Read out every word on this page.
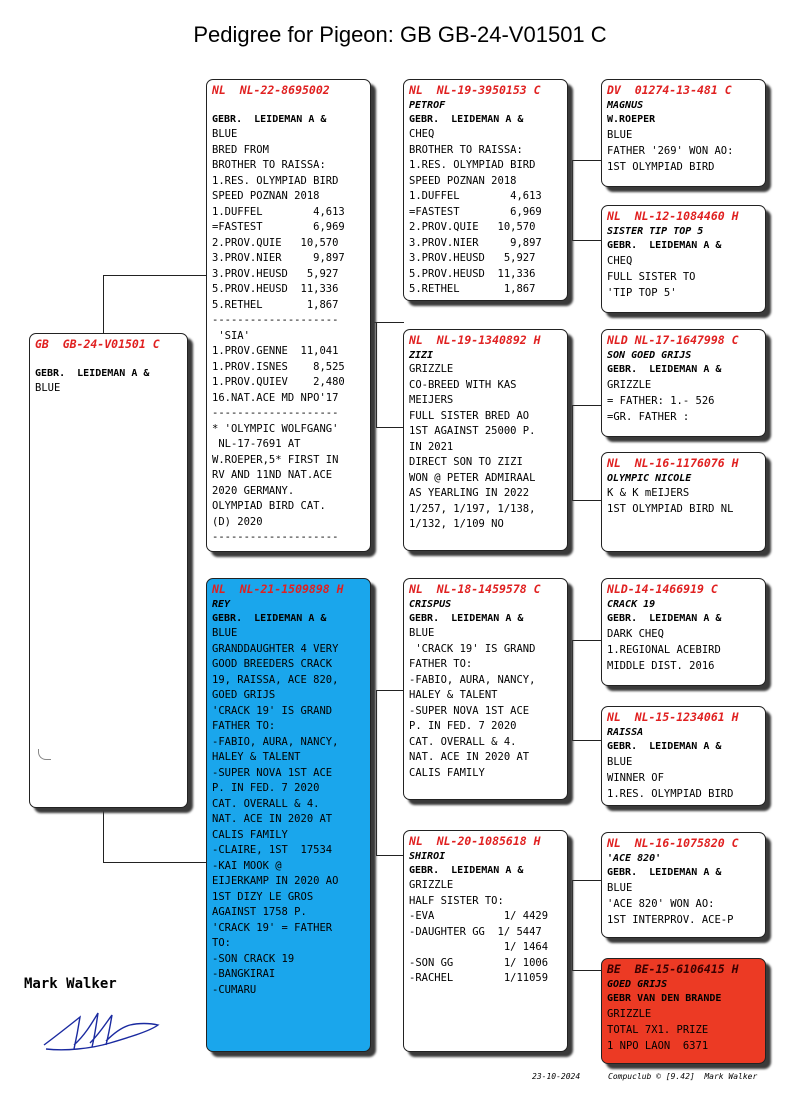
Pedigree for Pigeon: GB GB-24-V01501 C
GB  GB-24-V01501 C
GEBR.  LEIDEMAN A &
BLUE
NL  NL-22-8695002
GEBR.  LEIDEMAN A &
BLUE
BRED FROM
BROTHER TO RAISSA:
1.RES. OLYMPIAD BIRD
SPEED POZNAN 2018
1.DUFFEL        4,613
=FASTEST        6,969
2.PROV.QUIE   10,570
3.PROV.NIER     9,897
3.PROV.HEUSD   5,927
5.PROV.HEUSD  11,336
5.RETHEL       1,867
--------------------
'SIA'
1.PROV.GENNE  11,041
1.PROV.ISNES    8,525
1.PROV.QUIEV    2,480
16.NAT.ACE MD NPO'17
--------------------
* 'OLYMPIC WOLFGANG'
NL-17-7691 AT
W.ROEPER,5* FIRST IN
RV AND 11ND NAT.ACE
2020 GERMANY.
OLYMPIAD BIRD CAT.
(D) 2020
--------------------
NL  NL-21-1509898 H
REY
GEBR.  LEIDEMAN A &
BLUE
GRANDDAUGHTER 4 VERY
GOOD BREEDERS CRACK
19, RAISSA, ACE 820,
GOED GRIJS
'CRACK 19' IS GRAND
FATHER TO:
-FABIO, AURA, NANCY,
HALEY & TALENT
-SUPER NOVA 1ST ACE
P. IN FED. 7 2020
CAT. OVERALL & 4.
NAT. ACE IN 2020 AT
CALIS FAMILY
-CLAIRE, 1ST  17534
-KAI MOOK @
EIJERKAMP IN 2020 AO
1ST DIZY LE GROS
AGAINST 1758 P.
'CRACK 19' = FATHER
TO:
-SON CRACK 19
-BANGKIRAI
-CUMARU
NL  NL-19-3950153 C
PETROF
GEBR.  LEIDEMAN A &
CHEQ
BROTHER TO RAISSA:
1.RES. OLYMPIAD BIRD
SPEED POZNAN 2018
1.DUFFEL        4,613
=FASTEST        6,969
2.PROV.QUIE   10,570
3.PROV.NIER     9,897
3.PROV.HEUSD   5,927
5.PROV.HEUSD  11,336
5.RETHEL       1,867
NL  NL-19-1340892 H
ZIZI
GRIZZLE
CO-BREED WITH KAS
MEIJERS
FULL SISTER BRED AO
1ST AGAINST 25000 P.
IN 2021
DIRECT SON TO ZIZI
WON @ PETER ADMIRAAL
AS YEARLING IN 2022
1/257, 1/197, 1/138,
1/132, 1/109 NO
NL  NL-18-1459578 C
CRISPUS
GEBR.  LEIDEMAN A &
BLUE
'CRACK 19' IS GRAND
FATHER TO:
-FABIO, AURA, NANCY,
HALEY & TALENT
-SUPER NOVA 1ST ACE
P. IN FED. 7 2020
CAT. OVERALL & 4.
NAT. ACE IN 2020 AT
CALIS FAMILY
NL  NL-20-1085618 H
SHIROI
GEBR.  LEIDEMAN A &
GRIZZLE
HALF SISTER TO:
-EVA           1/ 4429
-DAUGHTER GG  1/ 5447
1/ 1464
-SON GG        1/ 1006
-RACHEL        1/11059
DV  01274-13-481 C
MAGNUS
W.ROEPER
BLUE
FATHER '269' WON AO:
1ST OLYMPIAD BIRD
NL  NL-12-1084460 H
SISTER TIP TOP 5
GEBR.  LEIDEMAN A &
CHEQ
FULL SISTER TO
'TIP TOP 5'
NLD NL-17-1647998 C
SON GOED GRIJS
GEBR.  LEIDEMAN A &
GRIZZLE
= FATHER: 1.- 526
=GR. FATHER :
NL  NL-16-1176076 H
OLYMPIC NICOLE
K & K mEIJERS
1ST OLYMPIAD BIRD NL
NLD-14-1466919 C
CRACK 19
GEBR.  LEIDEMAN A &
DARK CHEQ
1.REGIONAL ACEBIRD
MIDDLE DIST. 2016
NL  NL-15-1234061 H
RAISSA
GEBR.  LEIDEMAN A &
BLUE
WINNER OF
1.RES. OLYMPIAD BIRD
NL  NL-16-1075820 C
'ACE 820'
GEBR.  LEIDEMAN A &
BLUE
'ACE 820' WON AO:
1ST INTERPROV. ACE-P
BE  BE-15-6106415 H
GOED GRIJS
GEBR VAN DEN BRANDE
GRIZZLE
TOTAL 7X1. PRIZE
1 NPO LAON  6371
Mark Walker
23-10-2024	Compuclub © [9.42]  Mark Walker
